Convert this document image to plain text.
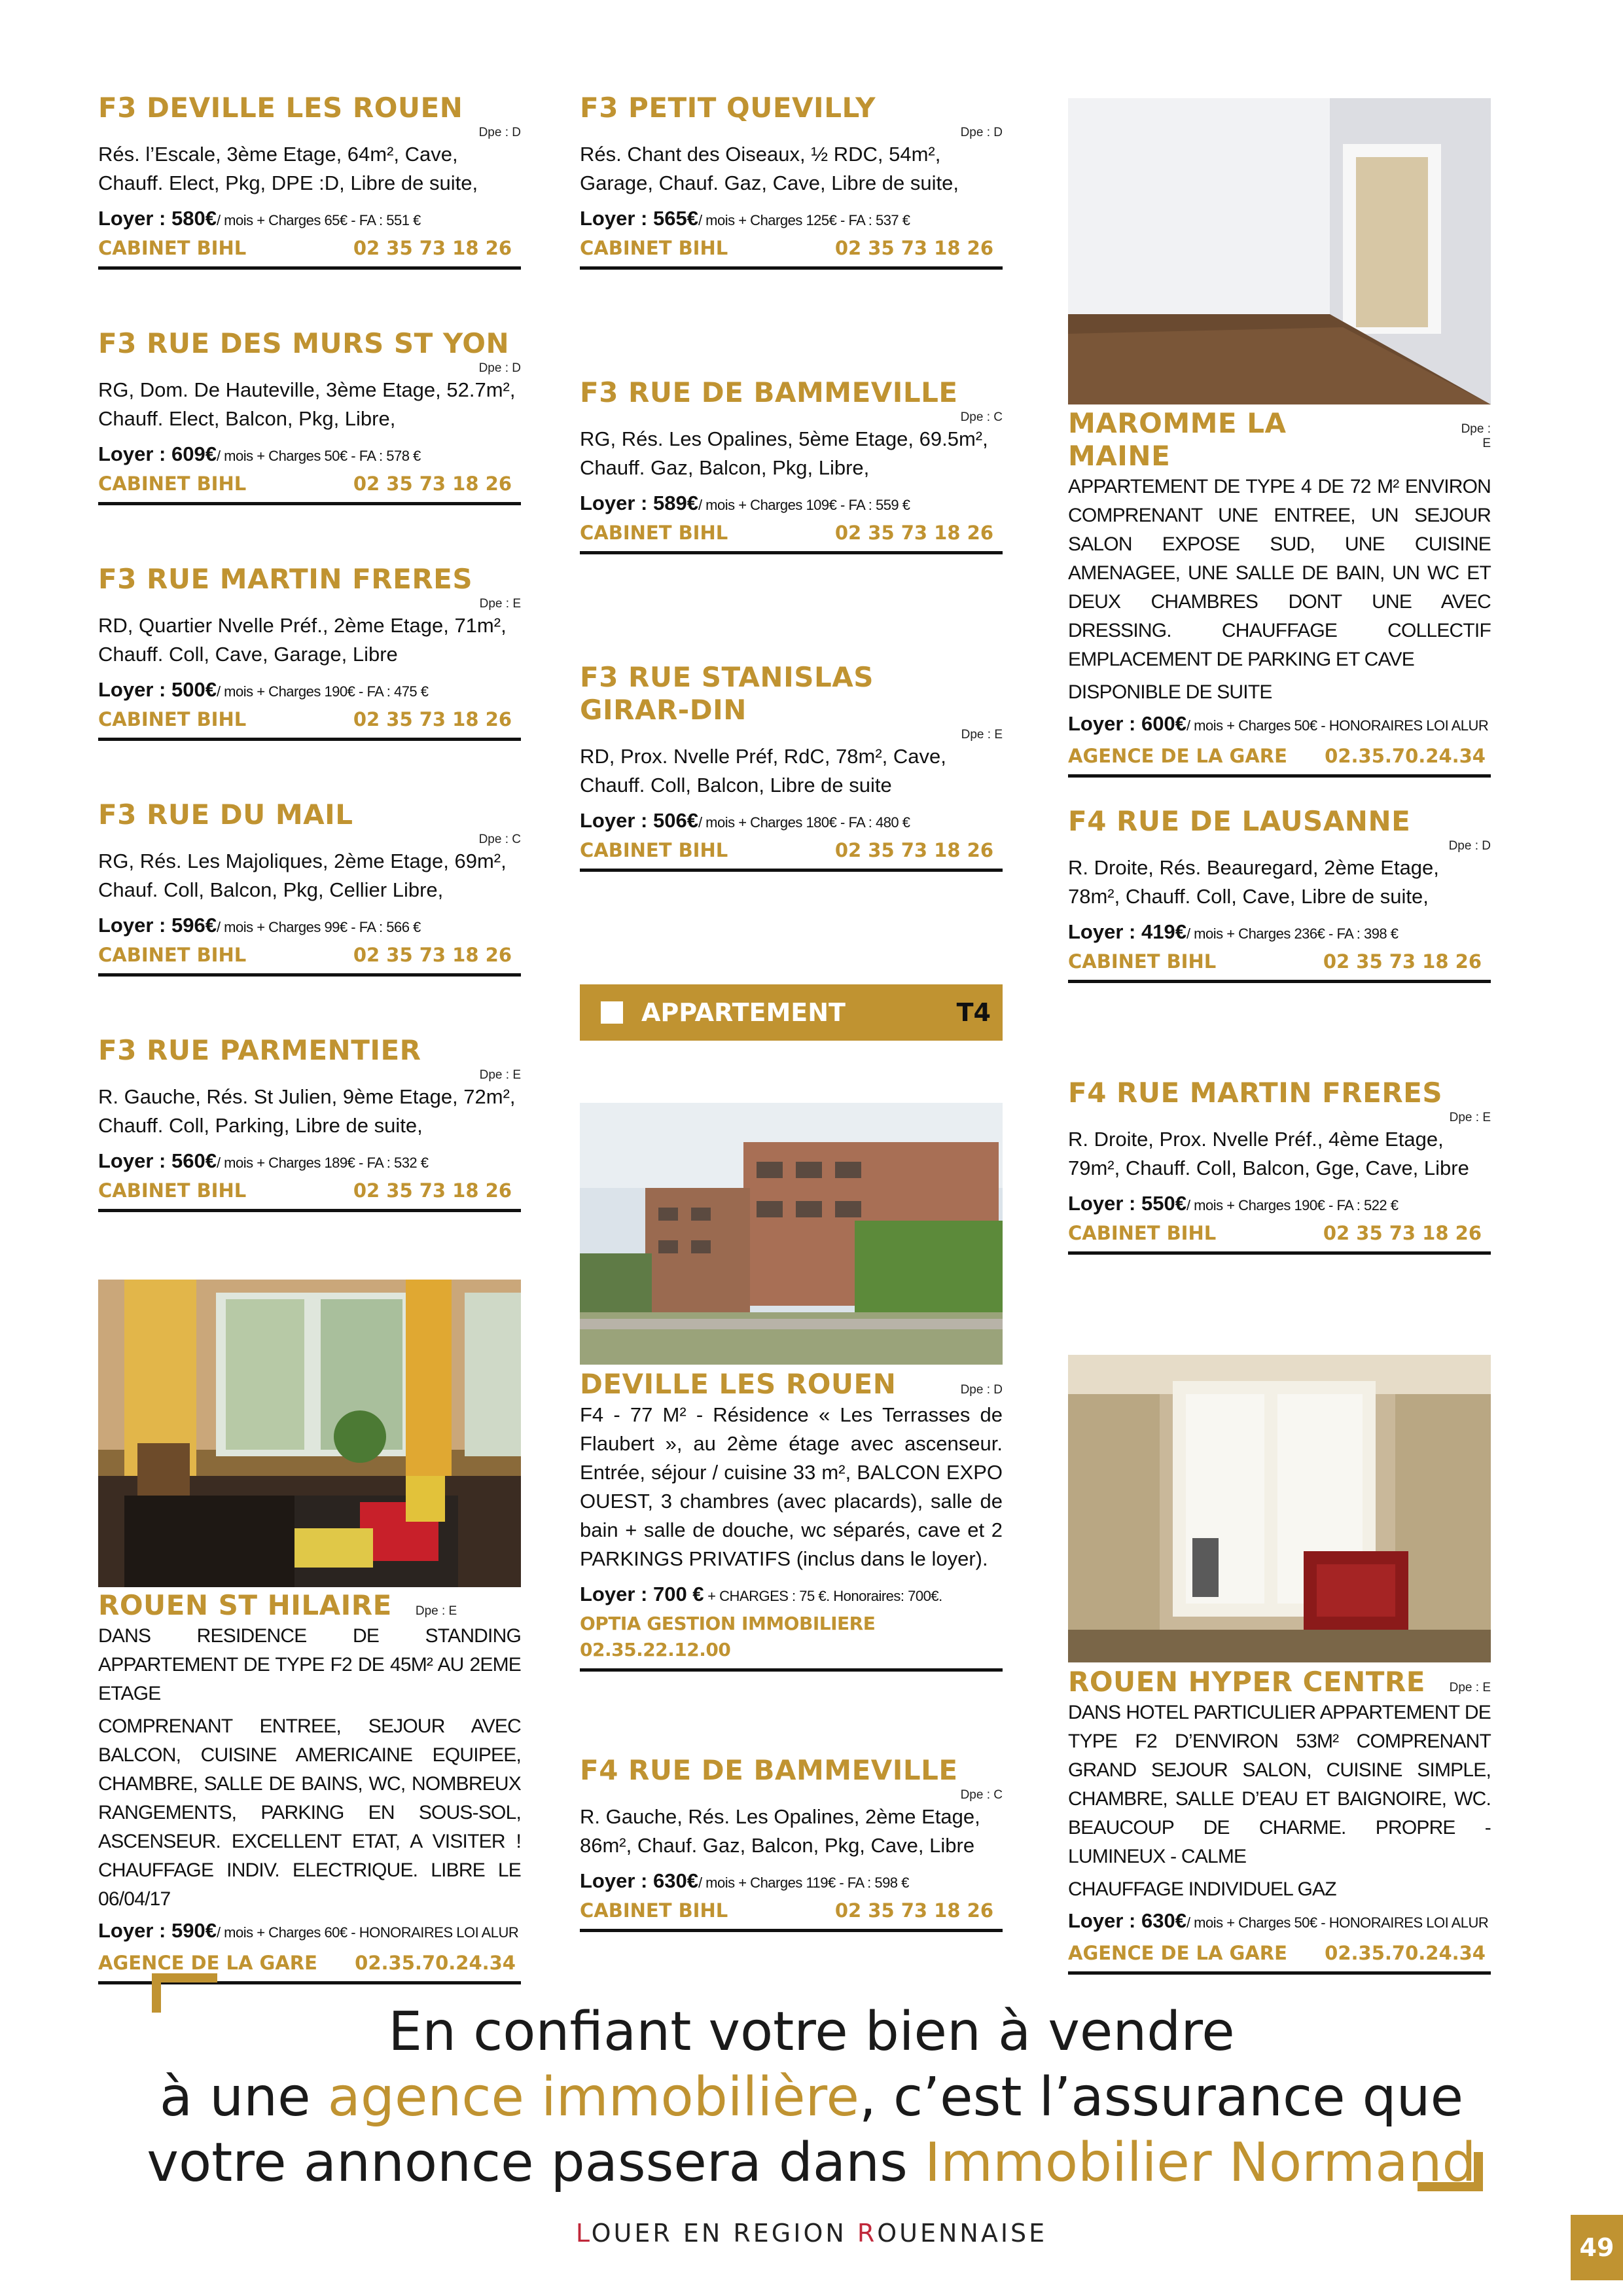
F3 DEVILLE LES ROUEN
Dpe : D
Rés. l’Escale, 3ème Etage, 64m², Cave, Chauff. Elect, Pkg, DPE :D, Libre de suite,
Loyer : 580€/ mois + Charges 65€ - FA : 551 €
CABINET BIHL	02 35 73 18 26
F3 RUE DES MURS ST YON
Dpe : D
RG, Dom. De Hauteville, 3ème Etage, 52.7m², Chauff. Elect, Balcon, Pkg, Libre,
Loyer : 609€/ mois + Charges 50€ - FA : 578 €
CABINET BIHL	02 35 73 18 26
F3 RUE MARTIN FRERES
Dpe : E
RD, Quartier Nvelle Préf., 2ème Etage, 71m², Chauff. Coll, Cave, Garage, Libre
Loyer : 500€/ mois + Charges 190€ - FA : 475 €
CABINET BIHL	02 35 73 18 26
F3 RUE DU MAIL
Dpe : C
RG, Rés. Les Majoliques, 2ème Etage, 69m², Chauf. Coll, Balcon, Pkg, Cellier Libre,
Loyer : 596€/ mois + Charges 99€ - FA : 566 €
CABINET BIHL	02 35 73 18 26
F3 RUE PARMENTIER
Dpe : E
R. Gauche, Rés. St Julien, 9ème Etage, 72m², Chauff. Coll, Parking, Libre de suite,
Loyer : 560€/ mois + Charges 189€ - FA : 532 €
CABINET BIHL	02 35 73 18 26
ROUEN ST HILAIRE Dpe : E
DANS RESIDENCE DE STANDING APPARTEMENT DE TYPE F2 DE 45M² AU 2EME ETAGE
COMPRENANT ENTREE, SEJOUR AVEC BALCON, CUISINE AMERICAINE EQUIPEE, CHAMBRE, SALLE DE BAINS, WC, NOMBREUX RANGEMENTS, PARKING EN SOUS-SOL, ASCENSEUR. EXCELLENT ETAT, A VISITER ! CHAUFFAGE INDIV. ELECTRIQUE. LIBRE LE 06/04/17
Loyer : 590€/ mois + Charges 60€ - HONORAIRES LOI ALUR
AGENCE DE LA GARE 02.35.70.24.34
F3 PETIT QUEVILLY
Dpe : D
Rés. Chant des Oiseaux, ½ RDC, 54m², Garage, Chauf. Gaz, Cave, Libre de suite,
Loyer : 565€/ mois + Charges 125€ - FA : 537 €
CABINET BIHL	02 35 73 18 26
F3 RUE DE BAMMEVILLE
Dpe : C
RG, Rés. Les Opalines, 5ème Etage, 69.5m², Chauff. Gaz, Balcon, Pkg, Libre,
Loyer : 589€/ mois + Charges 109€ - FA : 559 €
CABINET BIHL	02 35 73 18 26
F3 RUE STANISLAS GIRAR-DIN
Dpe : E
RD, Prox. Nvelle Préf, RdC, 78m², Cave, Chauff. Coll, Balcon, Libre de suite
Loyer : 506€/ mois + Charges 180€ - FA : 480 €
CABINET BIHL	02 35 73 18 26
APPARTEMENT	T4
DEVILLE LES ROUEN	Dpe : D
F4 - 77 M² - Résidence « Les Terrasses de Flaubert », au 2ème étage avec ascenseur. Entrée, séjour / cuisine 33 m², BALCON EXPO OUEST, 3 chambres (avec placards), salle de bain + salle de douche, wc séparés, cave et 2 PARKINGS PRIVATIFS (inclus dans le loyer).
Loyer : 700 € + CHARGES : 75 €. Honoraires: 700€.
OPTIA GESTION IMMOBILIERE 02.35.22.12.00
F4 RUE DE BAMMEVILLE
Dpe : C
R. Gauche, Rés. Les Opalines, 2ème Etage, 86m², Chauf. Gaz, Balcon, Pkg, Cave, Libre
Loyer : 630€/ mois + Charges 119€ - FA : 598 €
CABINET BIHL	02 35 73 18 26
MAROMME LA MAINE
Dpe : E
APPARTEMENT DE TYPE 4 DE 72 M² ENVIRON COMPRENANT UNE ENTREE, UN SEJOUR SALON EXPOSE SUD, UNE CUISINE AMENAGEE, UNE SALLE DE BAIN, UN WC ET DEUX CHAMBRES DONT UNE AVEC DRESSING. CHAUFFAGE COLLECTIF EMPLACEMENT DE PARKING ET CAVE
DISPONIBLE DE SUITE
Loyer : 600€/ mois + Charges 50€ - HONORAIRES LOI ALUR
AGENCE DE LA GARE 02.35.70.24.34
F4 RUE DE LAUSANNE
Dpe : D
R. Droite, Rés. Beauregard, 2ème Etage, 78m², Chauff. Coll, Cave, Libre de suite,
Loyer : 419€/ mois + Charges 236€ - FA : 398 €
CABINET BIHL	02 35 73 18 26
F4 RUE MARTIN FRERES
Dpe : E
R. Droite, Prox. Nvelle Préf., 4ème Etage, 79m², Chauff. Coll, Balcon, Gge, Cave, Libre
Loyer : 550€/ mois + Charges 190€ - FA : 522 €
CABINET BIHL	02 35 73 18 26
ROUEN HYPER CENTRE Dpe : E
DANS HOTEL PARTICULIER APPARTEMENT DE TYPE F2 D’ENVIRON 53M² COMPRENANT GRAND SEJOUR SALON, CUISINE SIMPLE, CHAMBRE, SALLE D’EAU ET BAIGNOIRE, WC. BEAUCOUP DE CHARME. PROPRE - LUMINEUX - CALME
CHAUFFAGE INDIVIDUEL GAZ
Loyer : 630€/ mois + Charges 50€ - HONORAIRES LOI ALUR
AGENCE DE LA GARE 02.35.70.24.34
En confiant votre bien à vendre
à une agence immobilière, c’est l’assurance que
votre annonce passera dans Immobilier Normand
LOUER EN REGION ROUENNAISE	49
